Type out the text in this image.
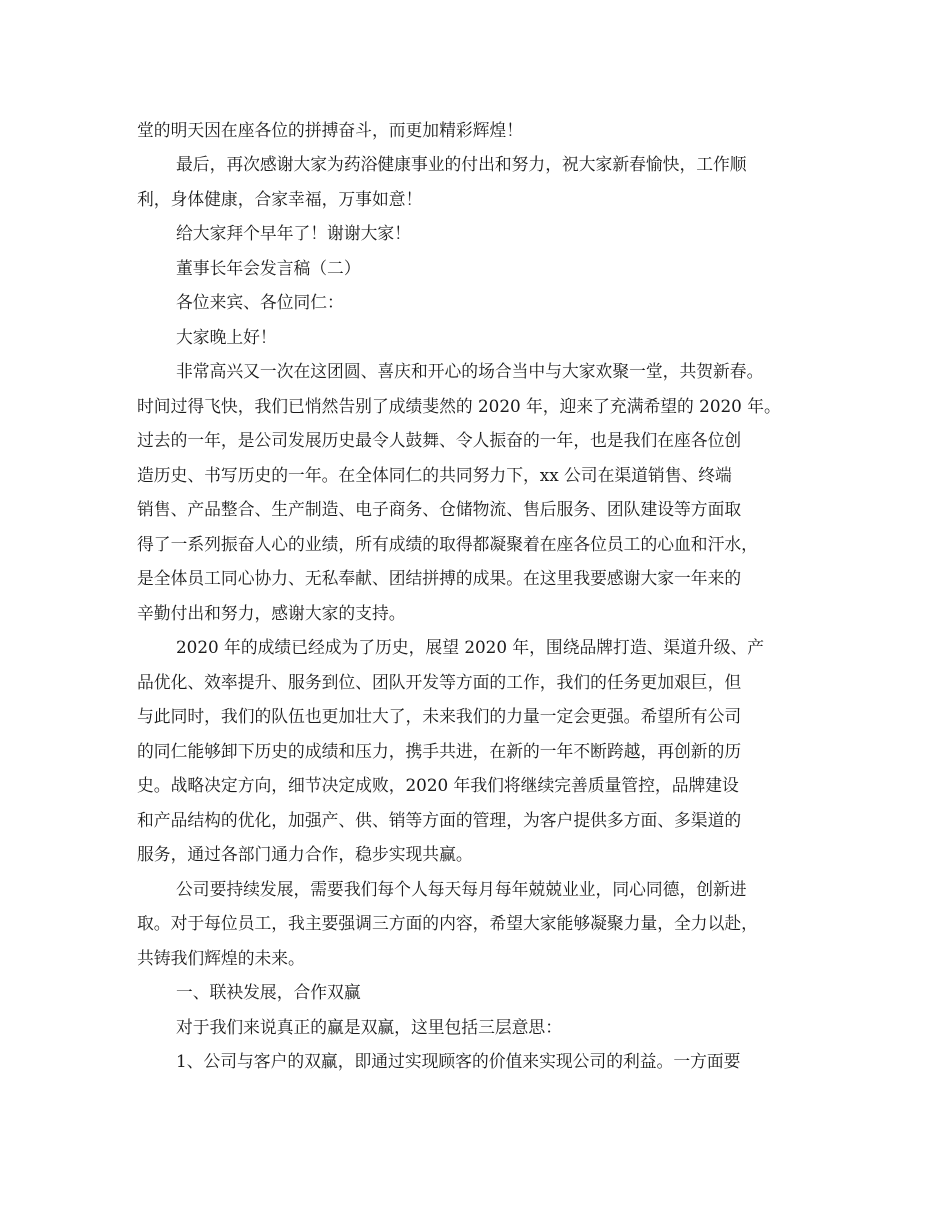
堂的明天因在座各位的拼搏奋斗，而更加精彩辉煌！
最后，再次感谢大家为药浴健康事业的付出和努力，祝大家新春愉快，工作顺
利，身体健康，合家幸福，万事如意！
给大家拜个早年了！谢谢大家！
董事长年会发言稿（二）
各位来宾、各位同仁：
大家晚上好！
非常高兴又一次在这团圆、喜庆和开心的场合当中与大家欢聚一堂，共贺新春。
时间过得飞快，我们已悄然告别了成绩斐然的 2020 年，迎来了充满希望的 2020 年。
过去的一年，是公司发展历史最令人鼓舞、令人振奋的一年，也是我们在座各位创
造历史、书写历史的一年。在全体同仁的共同努力下，xx 公司在渠道销售、终端
销售、产品整合、生产制造、电子商务、仓储物流、售后服务、团队建设等方面取
得了一系列振奋人心的业绩，所有成绩的取得都凝聚着在座各位员工的心血和汗水，
是全体员工同心协力、无私奉献、团结拼搏的成果。在这里我要感谢大家一年来的
辛勤付出和努力，感谢大家的支持。
2020 年的成绩已经成为了历史，展望 2020 年，围绕品牌打造、渠道升级、产
品优化、效率提升、服务到位、团队开发等方面的工作，我们的任务更加艰巨，但
与此同时，我们的队伍也更加壮大了，未来我们的力量一定会更强。希望所有公司
的同仁能够卸下历史的成绩和压力，携手共进，在新的一年不断跨越，再创新的历
史。战略决定方向，细节决定成败，2020 年我们将继续完善质量管控，品牌建设
和产品结构的优化，加强产、供、销等方面的管理，为客户提供多方面、多渠道的
服务，通过各部门通力合作，稳步实现共赢。
公司要持续发展，需要我们每个人每天每月每年兢兢业业，同心同德，创新进
取。对于每位员工，我主要强调三方面的内容，希望大家能够凝聚力量，全力以赴，
共铸我们辉煌的未来。
一、联袂发展，合作双赢
对于我们来说真正的赢是双赢，这里包括三层意思：
1、公司与客户的双赢，即通过实现顾客的价值来实现公司的利益。一方面要
